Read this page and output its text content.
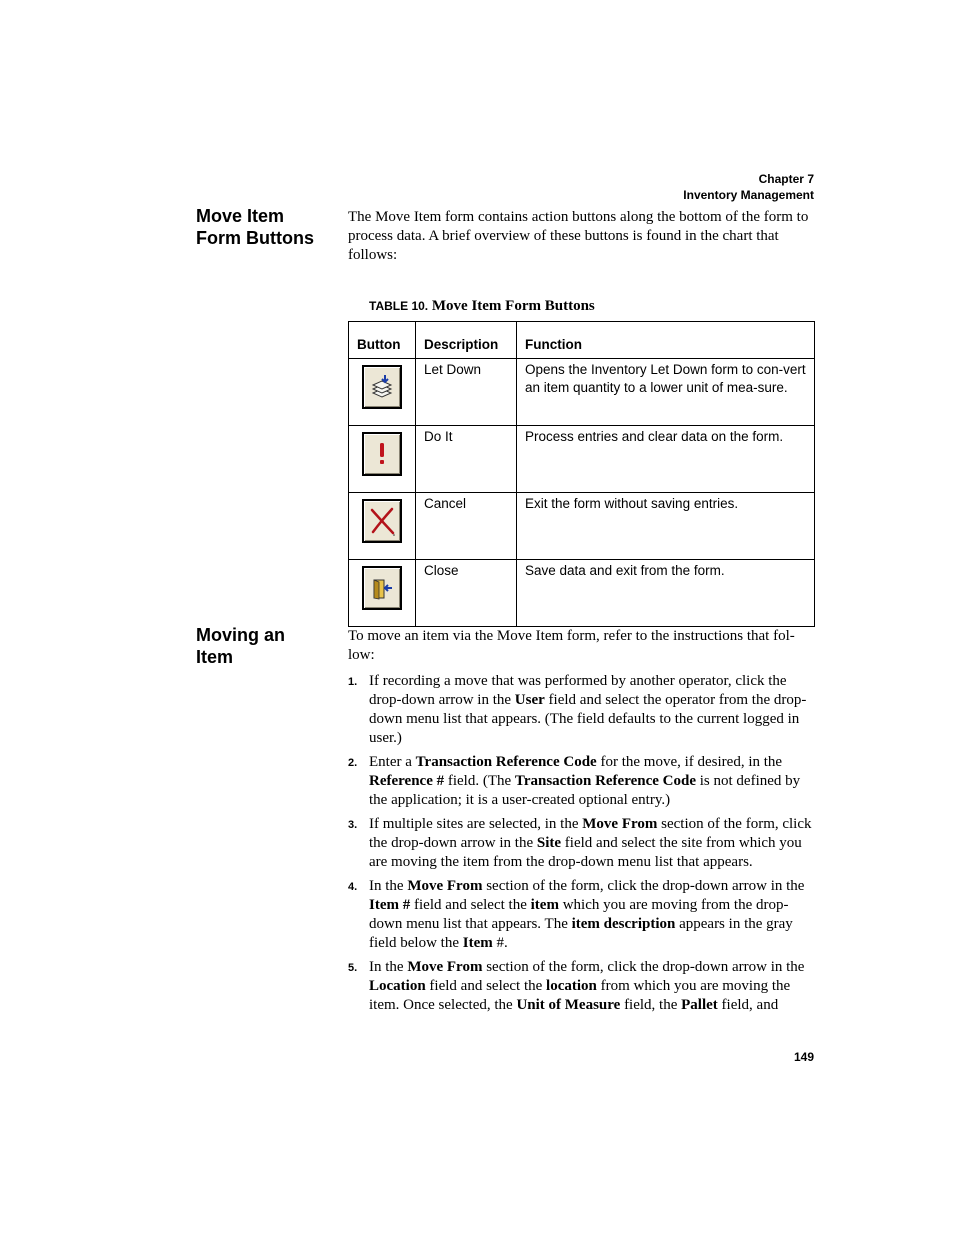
Chapter 7
Inventory Management
Move Item
Form Buttons
The Move Item form contains action buttons along the bottom of the form to process data. A brief overview of these buttons is found in the chart that follows:
TABLE 10. Move Item Form Buttons
Button	Description	Function

	Let Down	Opens the Inventory Let Down form to con-vert an item quantity to a lower unit of mea-sure.

	Do It	Process entries and clear data on the form.

	Cancel	Exit the form without saving entries.

	Close	Save data and exit from the form.
Moving an
Item
To move an item via the Move Item form, refer to the instructions that fol-low:
1. If recording a move that was performed by another operator, click the drop-down arrow in the User field and select the operator from the drop-down menu list that appears. (The field defaults to the current logged in user.)
2. Enter a Transaction Reference Code for the move, if desired, in the Reference # field. (The Transaction Reference Code is not defined by the application; it is a user-created optional entry.)
3. If multiple sites are selected, in the Move From section of the form, click the drop-down arrow in the Site field and select the site from which you are moving the item from the drop-down menu list that appears.
4. In the Move From section of the form, click the drop-down arrow in the Item # field and select the item which you are moving from the drop-down menu list that appears. The item description appears in the gray field below the Item #.
5. In the Move From section of the form, click the drop-down arrow in the Location field and select the location from which you are moving the item. Once selected, the Unit of Measure field, the Pallet field, and
149
